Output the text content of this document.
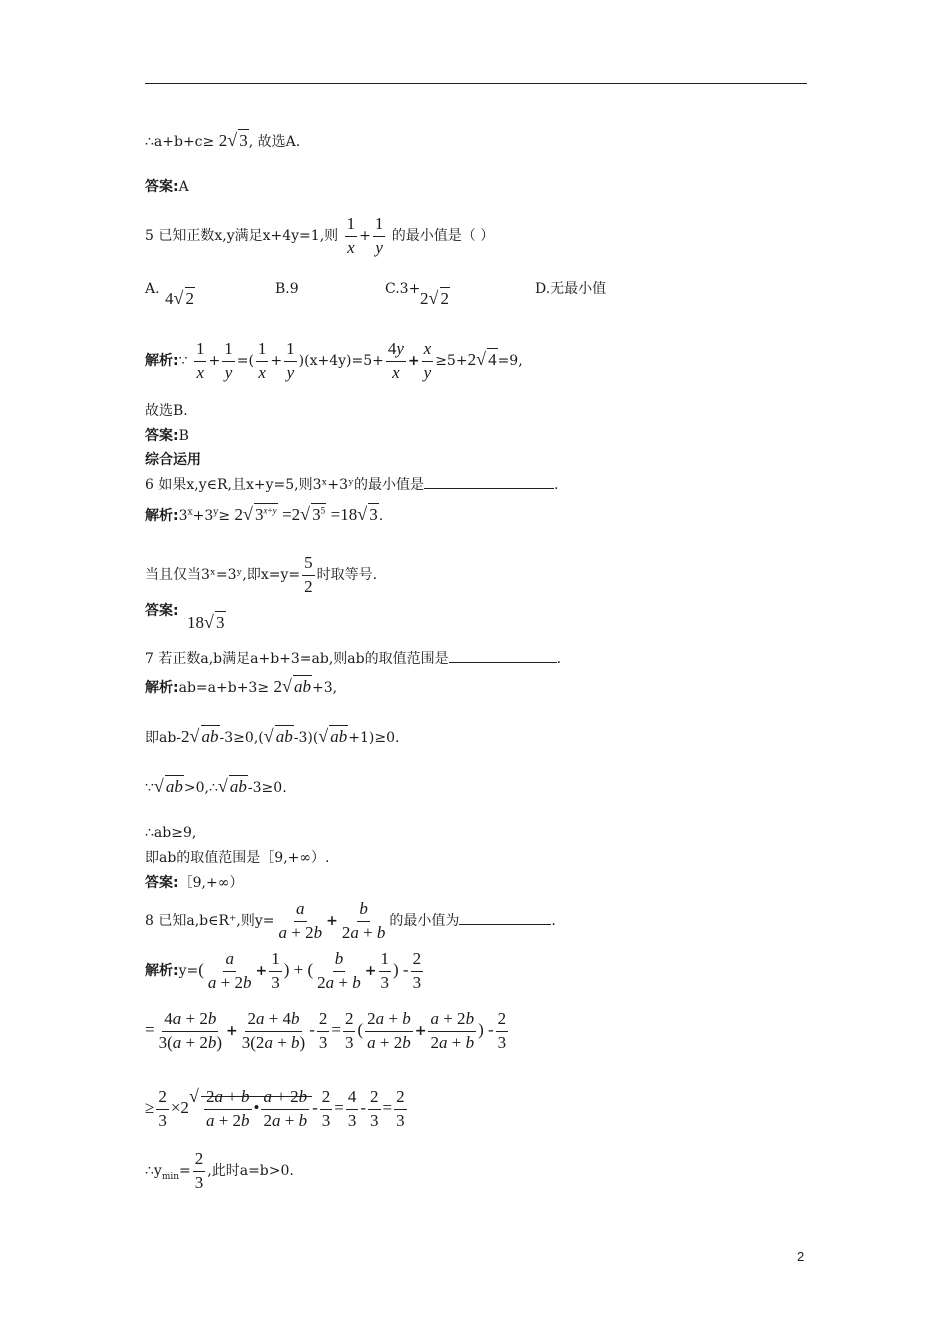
∴a+b+c≥ 2√ 3, 故选A.
答案:A
5 已知正数x,y满足x+4y=1,则 $\frac{1}{x} + \frac{1}{y}$ 的最小值是（ ）
A. 4√ 2	B.9	C.3+ 2√ 2	D.无最小值
解析:∵ $\frac{1}{x} + \frac{1}{y}$ =( $\frac{1}{x} + \frac{1}{y} )(x+4y)=5+ \frac{4y}{x} + \frac{x}{y} \ge 5+2√$ 4=9,
故选B.
答案:B
综合运用
6 如果x,y∈R,且x+y=5,则3ˣ+3ʸ的最小值是	.
解析$:3^x+3^y\ge 2√$ $3^{x+y} =2√$ $3^5 =18√$ 3.
当且仅当3ˣ=3ʸ,即$x=y= \frac{5}{2}$ 时取等号.
答案:
18√ 3
7 若正数a,b满足a+b+3=ab,则ab的取值范围是	.
解析:ab=a+b+3≥ 2√ ab+3,
即ab-2√ ab-3≥0,(√ ab-3)(√ ab+1)≥0.
∵√ ab>0,∴√ ab-3≥0.
∴ab≥9,
即ab的取值范围是［9,+∞）.
答案:［9,+∞）
8 已知a,b∈R⁺,则$y= \frac{a}{a + 2b} + \frac{b}{2a + b}$ 的最小值为	.
解析:y=( $\frac{a}{a + 2b} + \frac{1}{3}$ ) + ( $\frac{b}{2a + b} + \frac{1}{3}$ ) - $\frac{2}{3}$
= $\frac{4a + 2b}{3(a + 2b)} + \frac{2a + 4b}{3(2a + b)} - \frac{2}{3} = \frac{2}{3}$ ( $\frac{2a + b}{a + 2b} + \frac{a + 2b}{2a + b}$ ) - $\frac{2}{3}$
≥ $\frac{2}{3} \times 2$
√ $\frac{2a + b}{a + 2b}$ • $\frac{a + 2b}{2a + b} - \frac{2}{3} = \frac{4}{3} - \frac{2}{3} = \frac{2}{3}$
$\therefore y_{min}= \frac{2}{3}$ ,此时a=b>0.
2
